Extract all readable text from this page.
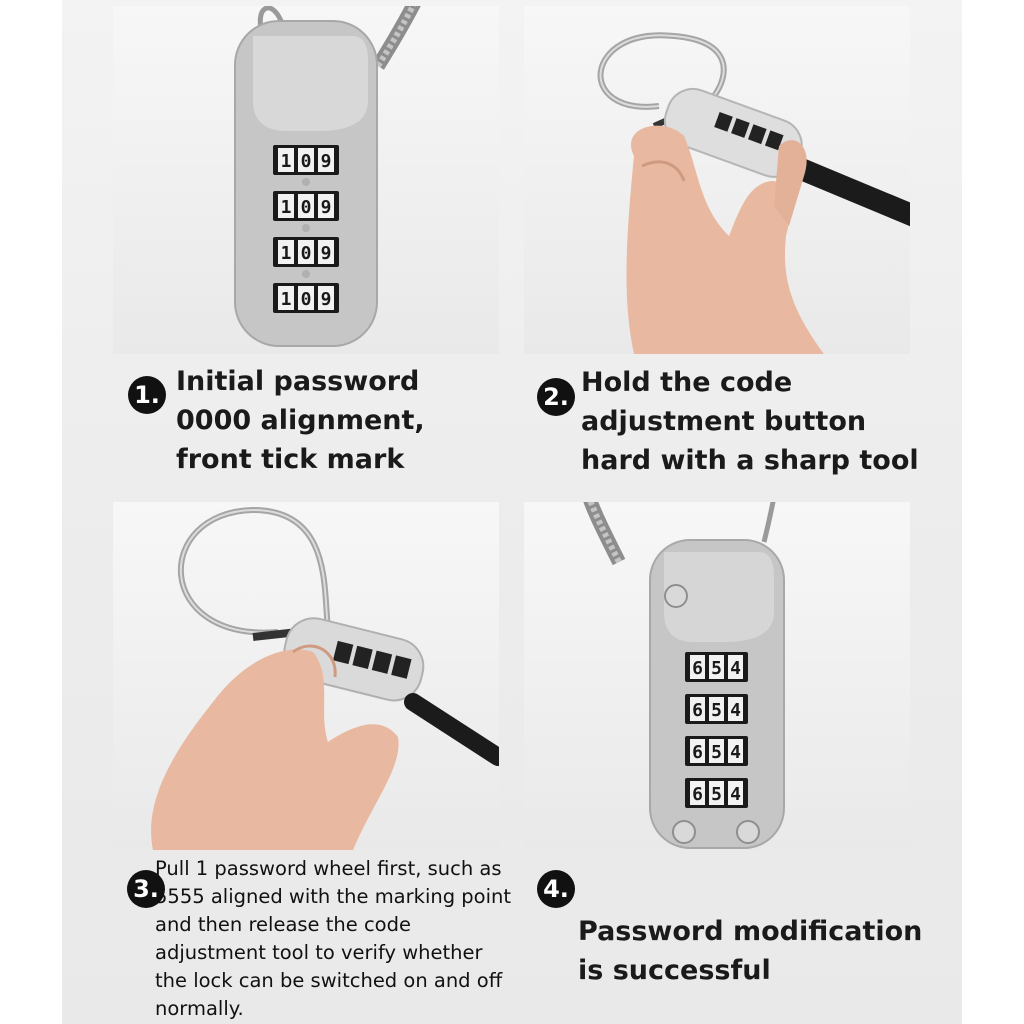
1 0 9
1 0 9
1 0 9
1 0 9
1. Initial password 0000 alignment, front tick mark
2. Hold the code adjustment button hard with a sharp tool
6 5 4
6 5 4
6 5 4
6 5 4
3.
Pull 1 password wheel first, such as 5555 aligned with the marking point and then release the code adjustment tool to verify whether the lock can be switched on and off normally.
4.
Password modification is successful
